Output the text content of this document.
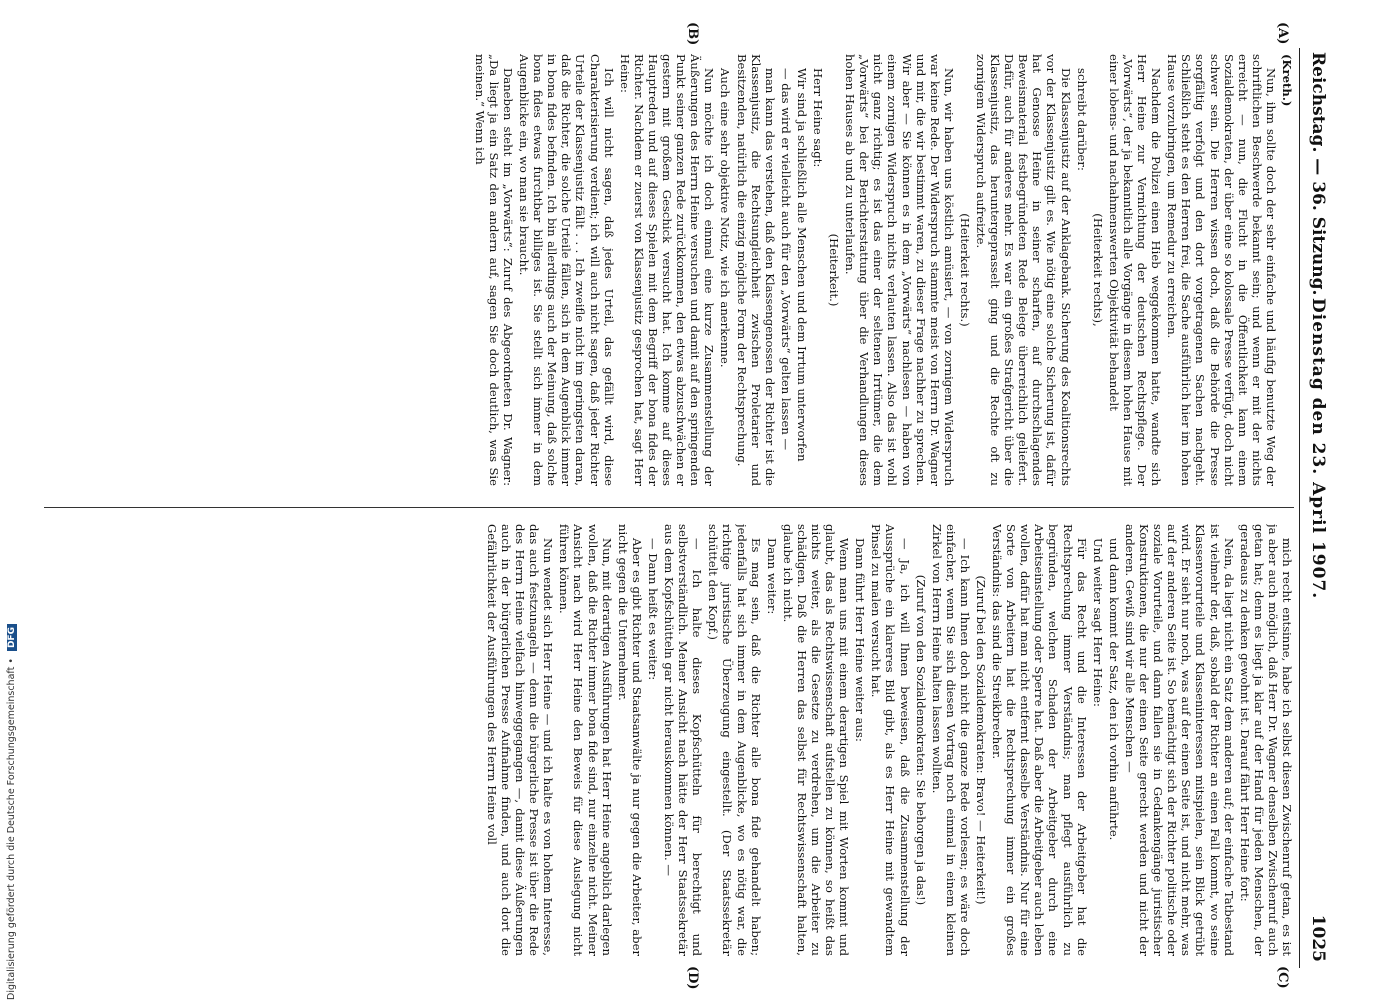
Reichstag. — 36. Sitzung.
Dienstag den 23. April 1907.
1025
(A)
(B)
(C)
(D)

(Kreth.)

Nun, ihm sollte doch der sehr einfache und häufig benutzte Weg der schriftlichen Beschwerde bekannt sein; und wenn er mit der nichts erreicht — nun, die Flucht in die Öffentlichkeit kann einem Sozialdemokraten, der über eine so kolossale Presse verfügt, doch nicht schwer sein. Die Herren wissen doch, daß die Behörde die Presse sorgfältig verfolgt und den dort vorgetragenen Sachen nachgeht. Schließlich steht es den Herren frei, die Sache ausführlich hier im hohen Hause vorzubringen, um Remedur zu erreichen.

Nachdem die Polizei einen Hieb weggekommen hatte, wandte sich Herr Heine zur Vernichtung der deutschen Rechtspflege. Der „Vorwärts“, der ja bekanntlich alle Vorgänge in diesem hohen Hause mit einer lobens- und nachahmenswerten Objektivität behandelt

(Heiterkeit rechts),

schreibt darüber:

Die Klassenjustiz auf der Anklagebank. Sicherung des Koalitionsrechts vor der Klassenjustiz gilt es. Wie nötig eine solche Sicherung ist, dafür hat Genosse Heine in seiner scharfen, auf durchschlagendes Beweismaterial festbegründeten Rede Belege überreichlich geliefert. Dafür, auch für anderes mehr. Es war ein großes Strafgericht über die Klassenjustiz, das heruntergeprasselt ging und die Rechte oft zu zornigem Widerspruch aufreizte.

(Heiterkeit rechts.)

Nun, wir haben uns köstlich amüsiert, — von zornigem Widerspruch war keine Rede. Der Widerspruch stammte meist von Herrn Dr. Wagner und mir, die wir bestimmt waren, zu dieser Frage nachher zu sprechen. Wir aber — Sie können es in dem „Vorwärts“ nachlesen — haben von einem zornigen Widerspruch nichts verlauten lassen. Also das ist wohl nicht ganz richtig; es ist das einer der seltenen Irrtümer, die dem „Vorwärts“ bei der Berichterstattung über die Verhandlungen dieses hohen Hauses ab und zu unterlaufen.

(Heiterkeit.)

Herr Heine sagt:

Wir sind ja schließlich alle Menschen und dem Irrtum unterworfen

— das wird er vielleicht auch für den „Vorwärts“ gelten lassen —

man kann das verstehen, daß den Klassengenossen der Richter ist die Klassenjustiz, die Rechtsungleichheit zwischen Proletarier und Besitzenden, natürlich die einzig mögliche Form der Rechtsprechung.

Auch eine sehr objektive Notiz, wie ich anerkenne.

Nun möchte ich doch einmal eine kurze Zusammenstellung der Äußerungen des Herrn Heine versuchen und damit auf den springenden Punkt seiner ganzen Rede zurückkommen, den etwas abzuschwächen er gestern mit großem Geschick versucht hat. Ich komme auf dieses Hauptreden und auf dieses Spielen mit dem Begriff der bona fides der Richter. Nachdem er zuerst von Klassenjustiz gesprochen hat, sagt Herr Heine:

Ich will nicht sagen, daß jedes Urteil, das gefällt wird, diese Charakterisierung verdient; ich will auch nicht sagen, daß jeder Richter Urteile der Klassenjustiz fällt . . . Ich zweifle nicht im geringsten daran, daß die Richter, die solche Urteile fällen, sich in dem Augenblick immer in bona fides befinden. Ich bin allerdings auch der Meinung, daß solche bona fides etwas furchtbar billiges ist. Sie stellt sich immer in dem Augenblicke ein, wo man sie braucht.

Daneben steht im „Vorwärts“: Zuruf des Abgeordneten Dr. Wagner: „Da liegt ja ein Satz den andern auf, sagen Sie doch deutlich, was Sie meinen.“ Wenn ich

mich recht entsinne, habe ich selbst diesen Zwischenruf getan, es ist ja aber auch möglich, daß Herr Dr. Wagner denselben Zwischenruf auch getan hat; denn es liegt ja klar auf der Hand für jeden Menschen, der geradeaus zu denken gewohnt ist. Darauf fährt Herr Heine fort:

Nein, da liegt nicht ein Satz dem anderen auf; der einfache Tatbestand ist vielmehr der, daß, sobald der Richter an einen Fall kommt, wo seine Klassenvorurteile und Klasseninteressen mitspielen, sein Blick getrübt wird. Er sieht nur noch, was auf der einen Seite ist, und nicht mehr, was auf der anderen Seite ist. So bemächtigt sich der Richter politische oder soziale Vorurteile, und dann fallen sie in Gedankengänge juristischer Konstruktionen, die nur der einen Seite gerecht werden und nicht der anderen. Gewiß sind wir alle Menschen —

und dann kommt der Satz, den ich vorhin anführte.

Und weiter sagt Herr Heine:

Für das Recht und die Interessen der Arbeitgeber hat die Rechtsprechung immer Verständnis; man pflegt ausführlich zu begründen, welchen Schaden der Arbeitgeber durch eine Arbeitseinstellung oder Sperre hat. Daß aber die Arbeitgeber auch leben wollen, dafür hat man nicht entfernt dasselbe Verständnis. Nur für eine Sorte von Arbeitern hat die Rechtsprechung immer ein großes Verständnis: das sind die Streikbrecher.

(Zuruf bei den Sozialdemokraten: Bravo! — Heiterkeit!)

— Ich kann Ihnen doch nicht die ganze Rede vorlesen; es wäre doch einfacher, wenn Sie sich diesen Vortrag noch einmal in einem kleinen Zirkel von Herrn Heine halten lassen wollten.

(Zuruf von den Sozialdemokraten: Sie behorgen ja das!)

— Ja, ich will Ihnen beweisen, daß die Zusammenstellung der Aussprüche ein klareres Bild gibt, als es Herr Heine mit gewandtem Pinsel zu malen versucht hat.

Dann führt Herr Heine weiter aus:

Wenn man uns mit einem derartigen Spiel mit Worten kommt und glaubt, das als Rechtswissenschaft aufstellen zu können, so heißt das nichts weiter, als die Gesetze zu verdrehen, um die Arbeiter zu schädigen. Daß die Herren das selbst für Rechtswissenschaft halten, glaube ich nicht.

Dann weiter:

Es mag sein, daß die Richter alle bona fide gehandelt haben; jedenfalls hat sich immer in dem Augenblicke, wo es nötig war, die richtige juristische Überzeugung eingestellt. (Der Staatssekretär schüttelt den Kopf.)

— Ich halte dieses Kopfschütteln für berechtigt und selbstverständlich. Meiner Ansicht nach hätte der Herr Staatssekretär aus dem Kopfschütteln gar nicht herauskommen können. —

— Dann heißt es weiter:

Aber es gibt Richter und Staatsanwälte ja nur gegen die Arbeiter, aber nicht gegen die Unternehmer.

Nun, mit derartigen Ausführungen hat Herr Heine angeblich darlegen wollen, daß die Richter immer bona fide sind, nur einzelne nicht. Meiner Ansicht nach wird Herr Heine den Beweis für diese Auslegung nicht führen können.

Nun wendet sich Herr Heine — und ich halte es von hohem Interesse, das auch festzunageln — denn die bürgerliche Presse ist über die Rede des Herrn Heine vielfach hinweggegangen —, damit diese Äußerungen auch in der bürgerlichen Presse Aufnahme finden, und auch dort die Gefährlichkeit der Ausführungen des Herrn Heine voll

Digitalisierung gefördert durch die Deutsche Forschungsgemeinschaft • DFG
